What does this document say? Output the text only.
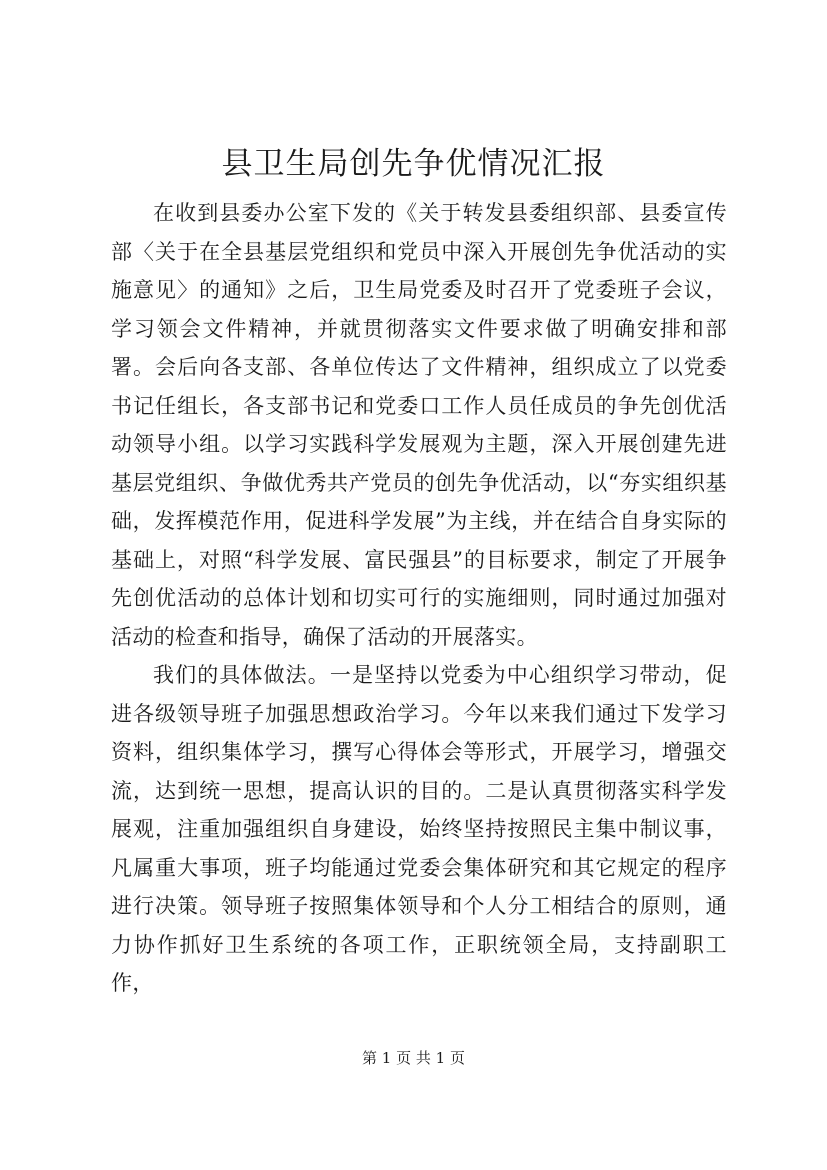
县卫生局创先争优情况汇报

在收到县委办公室下发的《关于转发县委组织部、县委宣传部〈关于在全县基层党组织和党员中深入开展创先争优活动的实施意见〉的通知》之后，卫生局党委及时召开了党委班子会议，学习领会文件精神，并就贯彻落实文件要求做了明确安排和部署。会后向各支部、各单位传达了文件精神，组织成立了以党委书记任组长，各支部书记和党委口工作人员任成员的争先创优活动领导小组。以学习实践科学发展观为主题，深入开展创建先进基层党组织、争做优秀共产党员的创先争优活动，以“夯实组织基础，发挥模范作用，促进科学发展”为主线，并在结合自身实际的基础上，对照“科学发展、富民强县”的目标要求，制定了开展争先创优活动的总体计划和切实可行的实施细则，同时通过加强对活动的检查和指导，确保了活动的开展落实。

我们的具体做法。一是坚持以党委为中心组织学习带动，促进各级领导班子加强思想政治学习。今年以来我们通过下发学习资料，组织集体学习，撰写心得体会等形式，开展学习，增强交流，达到统一思想，提高认识的目的。二是认真贯彻落实科学发展观，注重加强组织自身建设，始终坚持按照民主集中制议事，凡属重大事项，班子均能通过党委会集体研究和其它规定的程序进行决策。领导班子按照集体领导和个人分工相结合的原则，通力协作抓好卫生系统的各项工作，正职统领全局，支持副职工作，

第 1 页 共 1 页
